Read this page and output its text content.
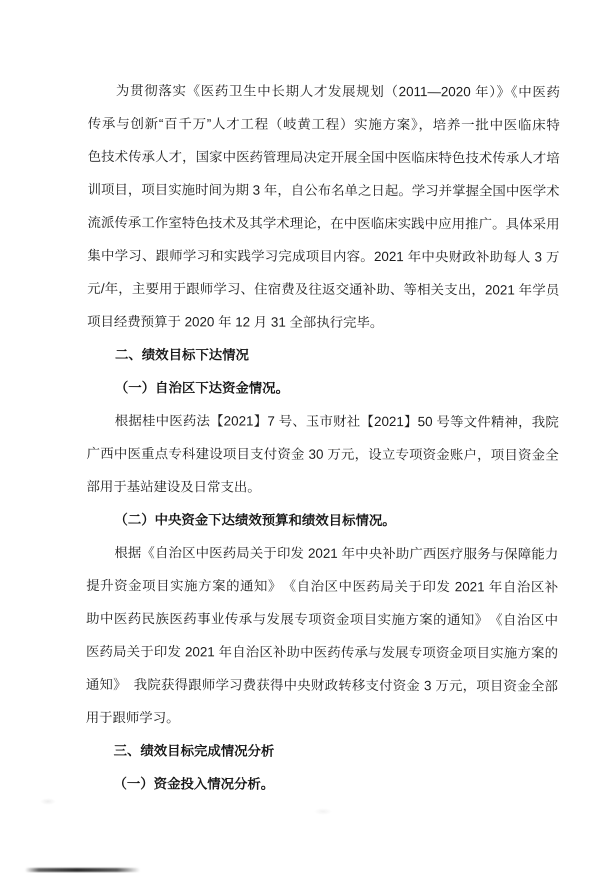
为贯彻落实《医药卫生中长期人才发展规划（2011—2020 年）》《中医药
传承与创新“百千万”人才工程（岐黄工程）实施方案》，培养一批中医临床特
色技术传承人才，国家中医药管理局决定开展全国中医临床特色技术传承人才培
训项目，项目实施时间为期 3 年，自公布名单之日起。学习并掌握全国中医学术
流派传承工作室特色技术及其学术理论，在中医临床实践中应用推广。具体采用
集中学习、跟师学习和实践学习完成项目内容。2021 年中央财政补助每人 3 万
元/年，主要用于跟师学习、住宿费及往返交通补助、等相关支出，2021 年学员
项目经费预算于 2020 年 12 月 31 全部执行完毕。
二、绩效目标下达情况
（一）自治区下达资金情况。
根据桂中医药法【2021】7 号、玉市财社【2021】50 号等文件精神，我院
广西中医重点专科建设项目支付资金 30 万元，设立专项资金账户，项目资金全
部用于基站建设及日常支出。
（二）中央资金下达绩效预算和绩效目标情况。
根据《自治区中医药局关于印发 2021 年中央补助广西医疗服务与保障能力
提升资金项目实施方案的通知》　《自治区中医药局关于印发 2021 年自治区补
助中医药民族医药事业传承与发展专项资金项目实施方案的通知》　《自治区中
医药局关于印发 2021 年自治区补助中医药传承与发展专项资金项目实施方案的
通知》　我院获得跟师学习费获得中央财政转移支付资金 3 万元，项目资金全部
用于跟师学习。
三、绩效目标完成情况分析
（一）资金投入情况分析。
